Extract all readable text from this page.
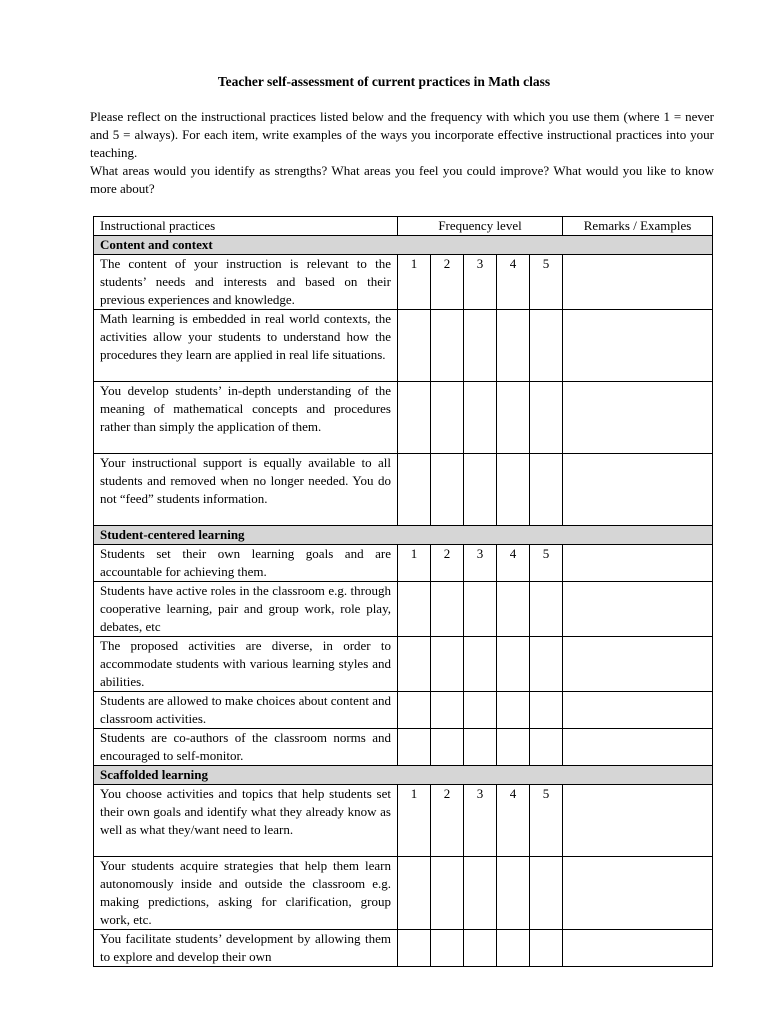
Teacher self-assessment of current practices in Math class

Please reflect on the instructional practices listed below and the frequency with which you use them (where 1 = never and 5 = always). For each item, write examples of the ways you incorporate effective instructional practices into your teaching.

What areas would you identify as strengths? What areas you feel you could improve? What would you like to know more about?

Instructional practices	Frequency level					Remarks / Examples
Content and context						
The content of your instruction is relevant to the students’ needs and interests and based on their previous experiences and knowledge.	1	2	3	4	5	
Math learning is embedded in real world contexts, the activities allow your students to understand how the procedures they learn are applied in real life situations.						
You develop students’ in-depth understanding of the meaning of mathematical concepts and procedures rather than simply the application of them.						
Your instructional support is equally available to all students and removed when no longer needed. You do not “feed” students information.						
Student-centered learning						
Students set their own learning goals and are accountable for achieving them.	1	2	3	4	5	
Students have active roles in the classroom e.g. through cooperative learning, pair and group work, role play, debates, etc						
The proposed activities are diverse, in order to accommodate students with various learning styles and abilities.						
Students are allowed to make choices about content and classroom activities.						
Students are co-authors of the classroom norms and encouraged to self-monitor.						
Scaffolded learning						
You choose activities and topics that help students set their own goals and identify what they already know as well as what they/want need to learn.	1	2	3	4	5	
Your students acquire strategies that help them learn autonomously inside and outside the classroom e.g. making predictions, asking for clarification, group work, etc.						
You facilitate students’ development by allowing them to explore and develop their own						
